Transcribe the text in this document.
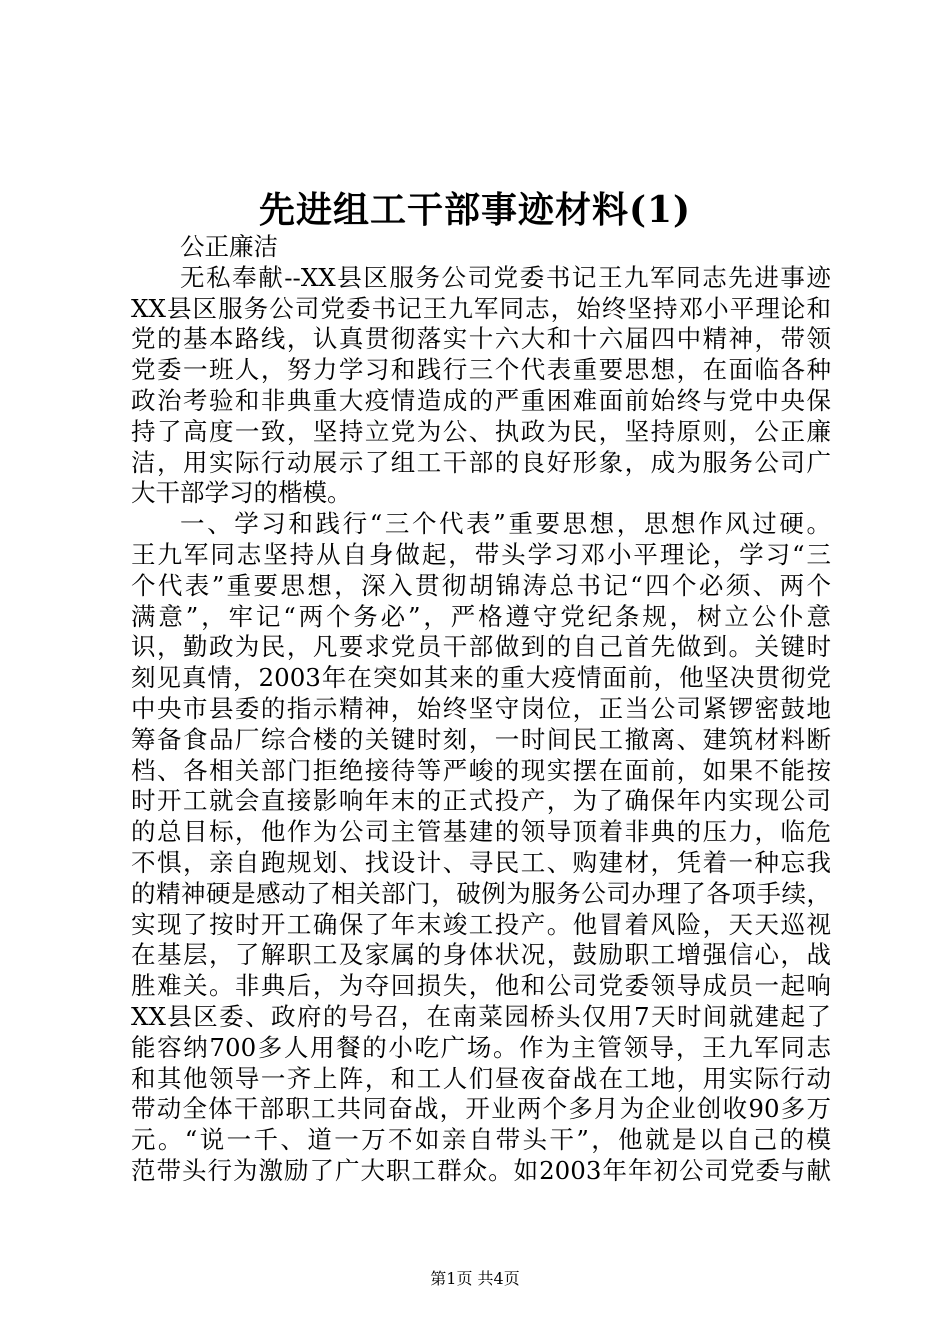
先进组工干部事迹材料(1)
公正廉洁
无私奉献--XX县区服务公司党委书记王九军同志先进事迹
XX县区服务公司党委书记王九军同志，始终坚持邓小平理论和
党的基本路线，认真贯彻落实十六大和十六届四中精神，带领
党委一班人，努力学习和践行三个代表重要思想，在面临各种
政治考验和非典重大疫情造成的严重困难面前始终与党中央保
持了高度一致，坚持立党为公、执政为民，坚持原则，公正廉
洁，用实际行动展示了组工干部的良好形象，成为服务公司广
大干部学习的楷模。
一、学习和践行“三个代表”重要思想，思想作风过硬。
王九军同志坚持从自身做起，带头学习邓小平理论，学习“三
个代表”重要思想，深入贯彻胡锦涛总书记“四个必须、两个
满意”，牢记“两个务必”，严格遵守党纪条规，树立公仆意
识，勤政为民，凡要求党员干部做到的自己首先做到。关键时
刻见真情，2003年在突如其来的重大疫情面前，他坚决贯彻党
中央市县委的指示精神，始终坚守岗位，正当公司紧锣密鼓地
筹备食品厂综合楼的关键时刻，一时间民工撤离、建筑材料断
档、各相关部门拒绝接待等严峻的现实摆在面前，如果不能按
时开工就会直接影响年末的正式投产，为了确保年内实现公司
的总目标，他作为公司主管基建的领导顶着非典的压力，临危
不惧，亲自跑规划、找设计、寻民工、购建材，凭着一种忘我
的精神硬是感动了相关部门，破例为服务公司办理了各项手续，
实现了按时开工确保了年末竣工投产。他冒着风险，天天巡视
在基层，了解职工及家属的身体状况，鼓励职工增强信心，战
胜难关。非典后，为夺回损失，他和公司党委领导成员一起响
XX县区委、政府的号召，在南菜园桥头仅用7天时间就建起了
能容纳700多人用餐的小吃广场。作为主管领导，王九军同志
和其他领导一齐上阵，和工人们昼夜奋战在工地，用实际行动
带动全体干部职工共同奋战，开业两个多月为企业创收90多万
元。“说一千、道一万不如亲自带头干”，他就是以自己的模
范带头行为激励了广大职工群众。如2003年年初公司党委与献
第1页 共4页
